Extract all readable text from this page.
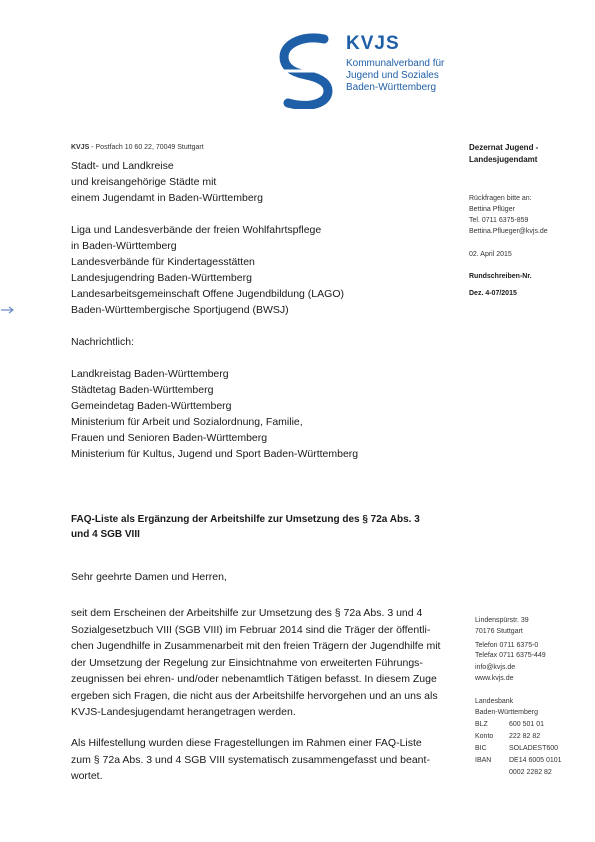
KVJS
Kommunalverband für
Jugend und Soziales
Baden-Württemberg
KVJS - Postfach 10 60 22, 70049 Stuttgart
Stadt- und Landkreise
und kreisangehörige Städte mit
einem Jugendamt in Baden-Württemberg
Liga und Landesverbände der freien Wohlfahrtspflege
in Baden-Württemberg
Landesverbände für Kindertagesstätten
Landesjugendring Baden-Württemberg
Landesarbeitsgemeinschaft Offene Jugendbildung (LAGO)
Baden-Württembergische Sportjugend (BWSJ)
Nachrichtlich:
Landkreistag Baden-Württemberg
Städtetag Baden-Württemberg
Gemeindetag Baden-Württemberg
Ministerium für Arbeit und Sozialordnung, Familie,
Frauen und Senioren Baden-Württemberg
Ministerium für Kultus, Jugend und Sport Baden-Württemberg
Dezernat Jugend -
Landesjugendamt
Rückfragen bitte an:
Bettina Pflüger
Tel. 0711 6375-859
Bettina.Pflueger@kvjs.de
02. April 2015
Rundschreiben-Nr.
Dez. 4-07/2015
Lindenspürstr. 39
70176 Stuttgart
Telefon 0711 6375-0
Telefax 0711 6375-449
info@kvjs.de
www.kvjs.de
Landesbank
Baden-Württemberg
BLZ	600 501 01
Konto 222 82 82
BIC	SOLADEST600
IBAN	DE14 6005 0101
0002 2282 82
FAQ-Liste als Ergänzung der Arbeitshilfe zur Umsetzung des § 72a Abs. 3
und 4 SGB VIII
Sehr geehrte Damen und Herren,
seit dem Erscheinen der Arbeitshilfe zur Umsetzung des § 72a Abs. 3 und 4
Sozialgesetzbuch VIII (SGB VIII) im Februar 2014 sind die Träger der öffentli-
chen Jugendhilfe in Zusammenarbeit mit den freien Trägern der Jugendhilfe mit
der Umsetzung der Regelung zur Einsichtnahme von erweiterten Führungs-
zeugnissen bei ehren- und/oder nebenamtlich Tätigen befasst. In diesem Zuge
ergeben sich Fragen, die nicht aus der Arbeitshilfe hervorgehen und an uns als
KVJS-Landesjugendamt herangetragen werden.
Als Hilfestellung wurden diese Fragestellungen im Rahmen einer FAQ-Liste
zum § 72a Abs. 3 und 4 SGB VIII systematisch zusammengefasst und beant-
wortet.
